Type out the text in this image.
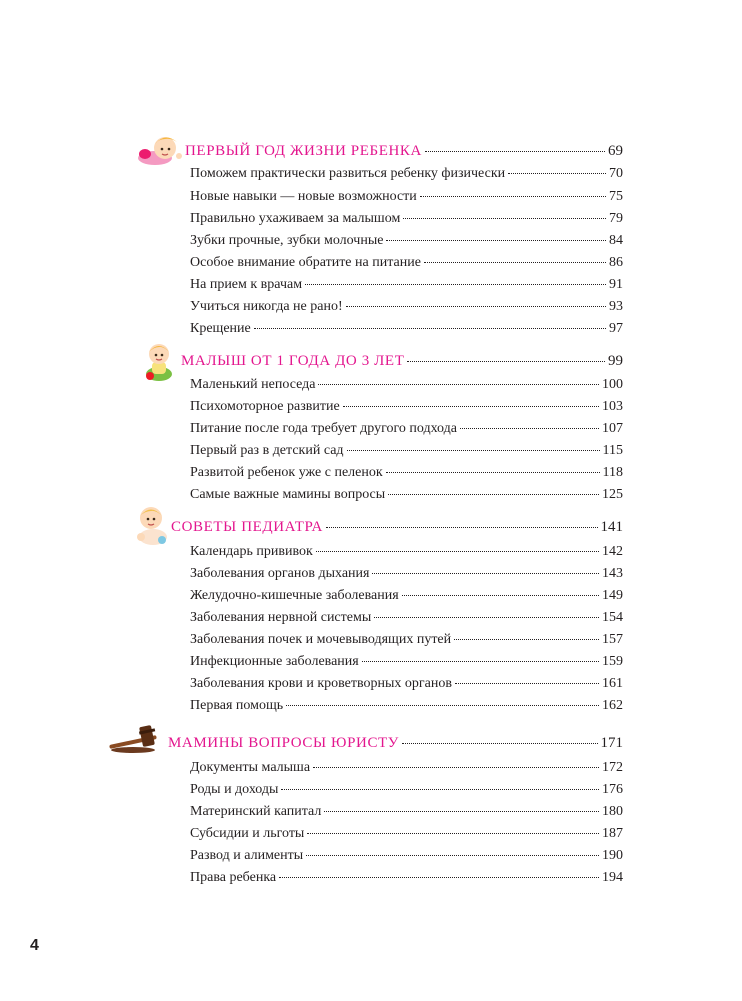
ПЕРВЫЙ ГОД ЖИЗНИ РЕБЕНКА	69
Поможем практически развиться ребенку физически	70
Новые навыки — новые возможности	75
Правильно ухаживаем за малышом	79
Зубки прочные, зубки молочные	84
Особое внимание обратите на питание	86
На прием к врачам	91
Учиться никогда не рано!	93
Крещение	97
МАЛЫШ ОТ 1 ГОДА ДО 3 ЛЕТ	99
Маленький непоседа	100
Психомоторное развитие	103
Питание после года требует другого подхода	107
Первый раз в детский сад	115
Развитой ребенок уже с пеленок	118
Самые важные мамины вопросы	125
СОВЕТЫ ПЕДИАТРА	141
Календарь прививок	142
Заболевания органов дыхания	143
Желудочно-кишечные заболевания	149
Заболевания нервной системы	154
Заболевания почек и мочевыводящих путей	157
Инфекционные заболевания	159
Заболевания крови и кроветворных органов	161
Первая помощь	162
МАМИНЫ ВОПРОСЫ ЮРИСТУ	171
Документы малыша	172
Роды и доходы	176
Материнский капитал	180
Субсидии и льготы	187
Развод и алименты	190
Права ребенка	194
4
